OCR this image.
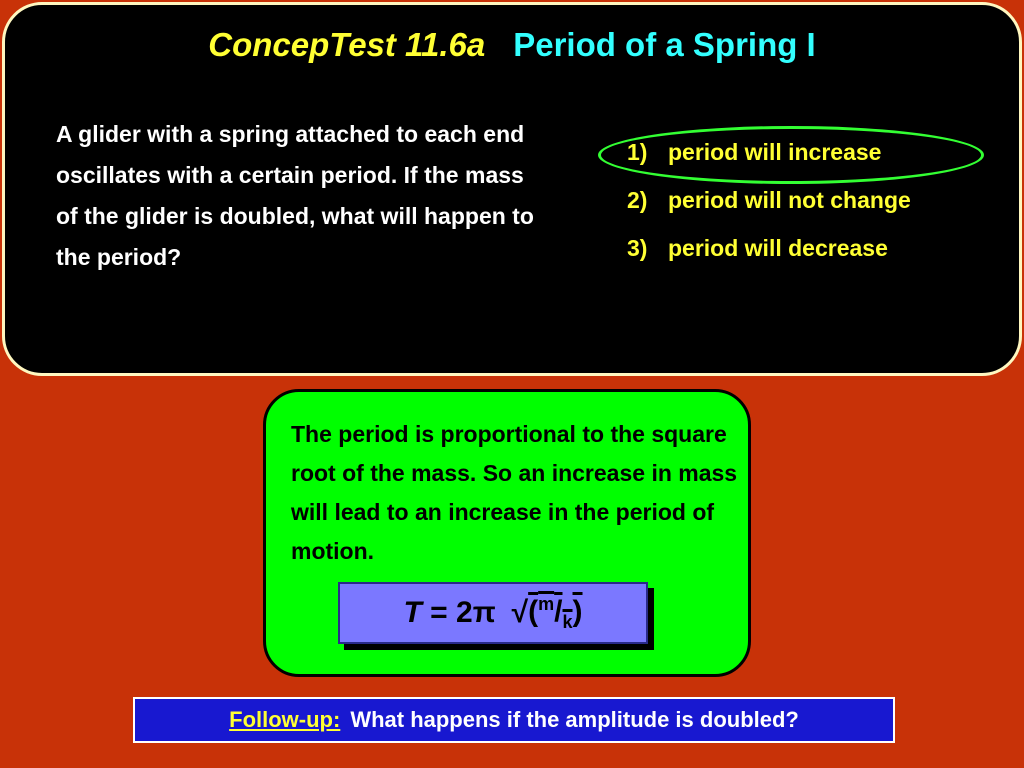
ConcepTest 11.6a Period of a Spring I
A glider with a spring attached to each end oscillates with a certain period. If the mass of the glider is doubled, what will happen to the period?
1) period will increase
2) period will not change
3) period will decrease
The period is proportional to the square root of the mass. So an increase in mass will lead to an increase in the period of motion.
T
=
2π √ $(^m/_k)$
Follow-up: What happens if the amplitude is doubled?
